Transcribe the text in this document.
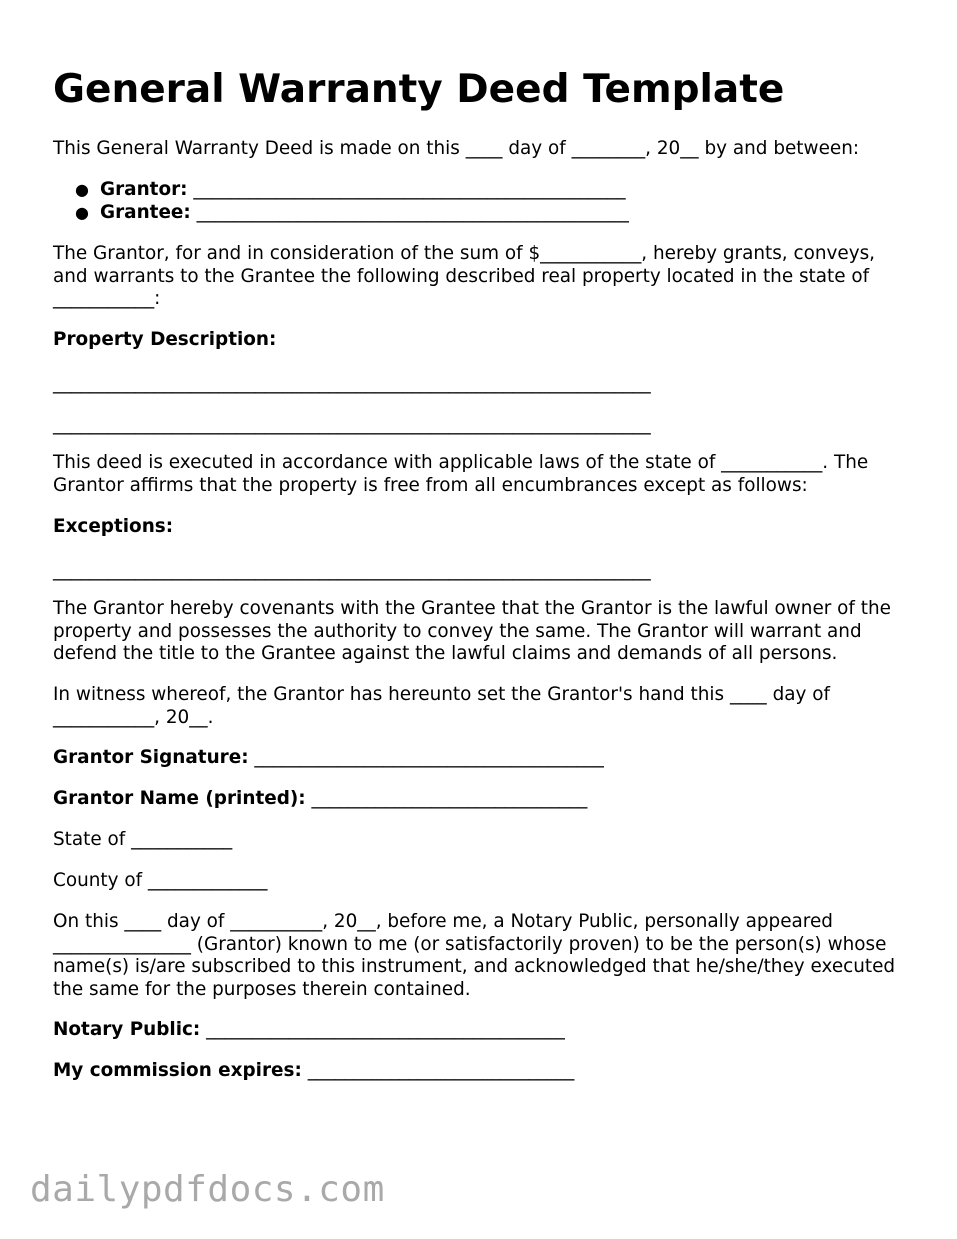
General Warranty Deed Template

This General Warranty Deed is made on this ____ day of ________, 20__ by and between:

● Grantor: _______________________________________________
● Grantee: _______________________________________________

The Grantor, for and in consideration of the sum of $___________, hereby grants, conveys, and warrants to the Grantee the following described real property located in the state of ___________:

Property Description:

_________________________________________________________________

_________________________________________________________________

This deed is executed in accordance with applicable laws of the state of ___________. The Grantor affirms that the property is free from all encumbrances except as follows:

Exceptions:

_________________________________________________________________

The Grantor hereby covenants with the Grantee that the Grantor is the lawful owner of the property and possesses the authority to convey the same. The Grantor will warrant and defend the title to the Grantee against the lawful claims and demands of all persons.

In witness whereof, the Grantor has hereunto set the Grantor's hand this ____ day of ___________, 20__.

Grantor Signature: ______________________________________

Grantor Name (printed): ______________________________

State of ___________

County of _____________

On this ____ day of __________, 20__, before me, a Notary Public, personally appeared _______________ (Grantor) known to me (or satisfactorily proven) to be the person(s) whose name(s) is/are subscribed to this instrument, and acknowledged that he/she/they executed the same for the purposes therein contained.

Notary Public: _______________________________________

My commission expires: _____________________________

dailypdfdocs.com
